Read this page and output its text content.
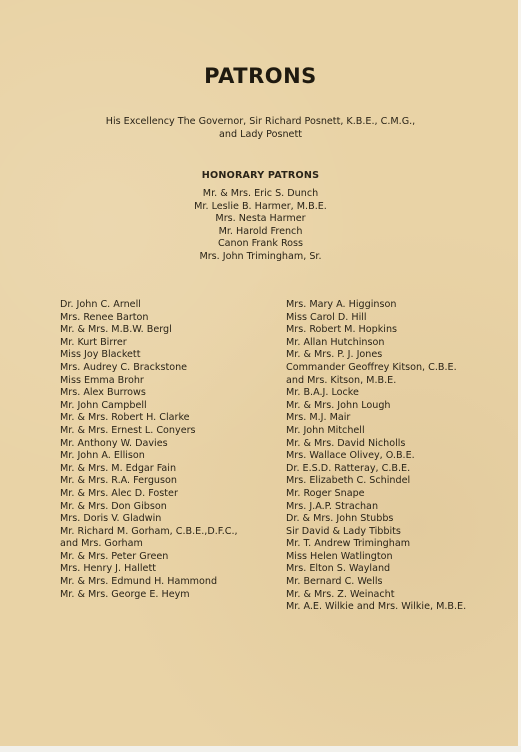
PATRONS
His Excellency The Governor, Sir Richard Posnett, K.B.E., C.M.G.,
and Lady Posnett
HONORARY PATRONS
Mr. & Mrs. Eric S. Dunch
Mr. Leslie B. Harmer, M.B.E.
Mrs. Nesta Harmer
Mr. Harold French
Canon Frank Ross
Mrs. John Trimingham, Sr.
Dr. John C. Arnell
Mrs. Renee Barton
Mr. & Mrs. M.B.W. Bergl
Mr. Kurt Birrer
Miss Joy Blackett
Mrs. Audrey C. Brackstone
Miss Emma Brohr
Mrs. Alex Burrows
Mr. John Campbell
Mr. & Mrs. Robert H. Clarke
Mr. & Mrs. Ernest L. Conyers
Mr. Anthony W. Davies
Mr. John A. Ellison
Mr. & Mrs. M. Edgar Fain
Mr. & Mrs. R.A. Ferguson
Mr. & Mrs. Alec D. Foster
Mr. & Mrs. Don Gibson
Mrs. Doris V. Gladwin
Mr. Richard M. Gorham, C.B.E.,D.F.C.,
and Mrs. Gorham
Mr. & Mrs. Peter Green
Mrs. Henry J. Hallett
Mr. & Mrs. Edmund H. Hammond
Mr. & Mrs. George E. Heym
Mrs. Mary A. Higginson
Miss Carol D. Hill
Mrs. Robert M. Hopkins
Mr. Allan Hutchinson
Mr. & Mrs. P. J. Jones
Commander Geoffrey Kitson, C.B.E.
and Mrs. Kitson, M.B.E.
Mr. B.A.J. Locke
Mr. & Mrs. John Lough
Mrs. M.J. Mair
Mr. John Mitchell
Mr. & Mrs. David Nicholls
Mrs. Wallace Olivey, O.B.E.
Dr. E.S.D. Ratteray, C.B.E.
Mrs. Elizabeth C. Schindel
Mr. Roger Snape
Mrs. J.A.P. Strachan
Dr. & Mrs. John Stubbs
Sir David & Lady Tibbits
Mr. T. Andrew Trimingham
Miss Helen Watlington
Mrs. Elton S. Wayland
Mr. Bernard C. Wells
Mr. & Mrs. Z. Weinacht
Mr. A.E. Wilkie and Mrs. Wilkie, M.B.E.
